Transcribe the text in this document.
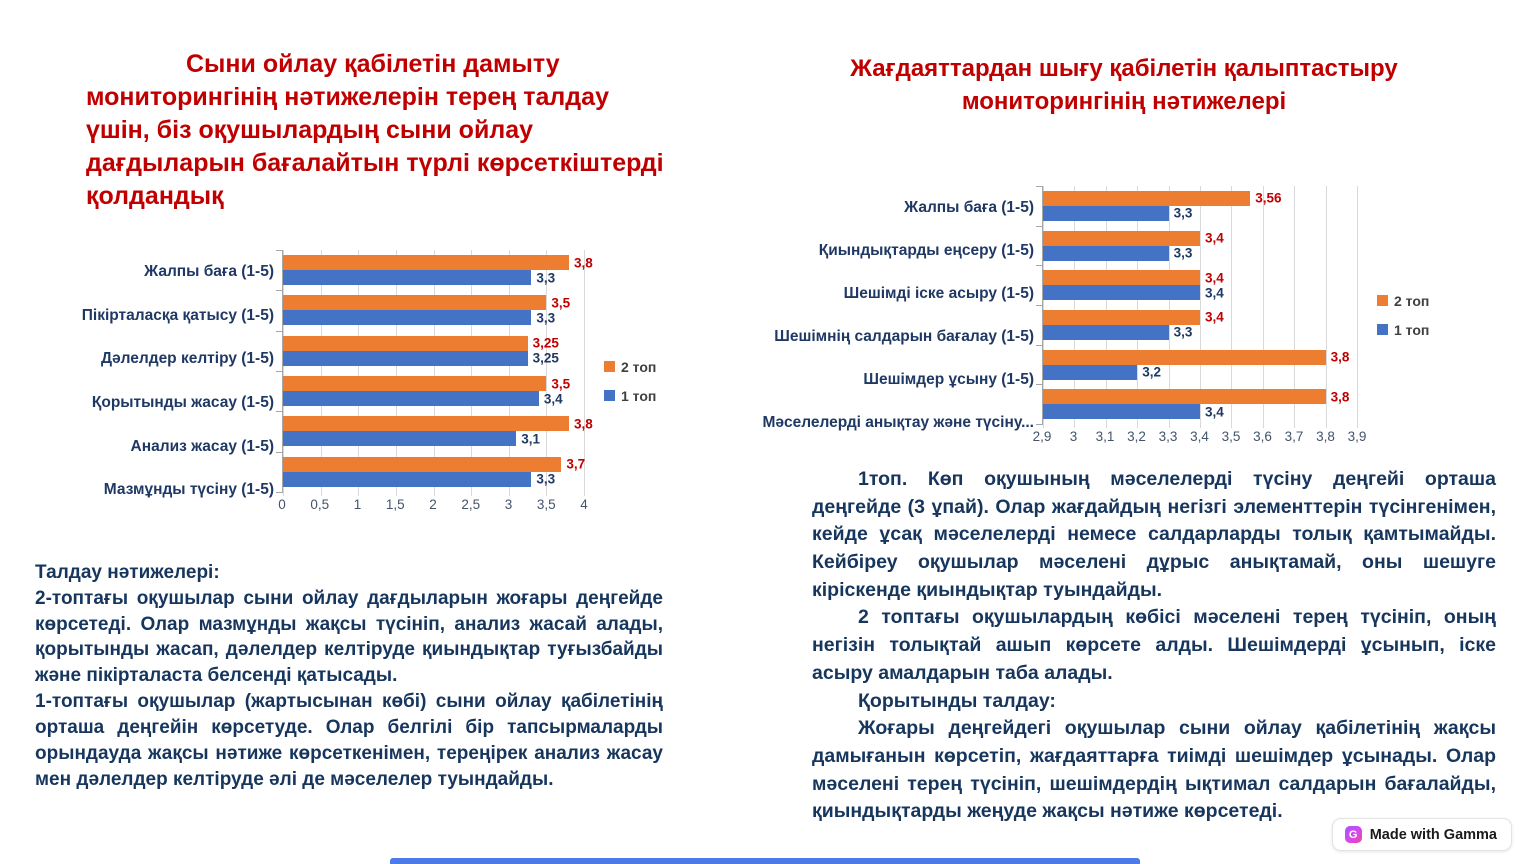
Сыни ойлау қабілетін дамыту мониторингінің нәтижелерін терең талдау үшін, біз оқушылардың сыни ойлау дағдыларын бағалайтын түрлі көрсеткіштерді қолдандық
Жағдаяттардан шығу қабілетін қалыптастыру мониторингінің нәтижелері
Жалпы баға (1-5)
Пікірталасқа қатысу (1-5)
Дәлелдер келтіру (1-5)
Қорытынды жасау (1-5)
Анализ жасау (1-5)
Мазмұнды түсіну (1-5)
3,8
3,3
3,5
3,3
3,25
3,25
3,5
3,4
3,8
3,1
3,7
3,3
0 0,5 1 1,5 2 2,5 3 3,5 4
2 топ
1 топ
Жалпы баға (1-5)
Қиындықтарды еңсеру (1-5)
Шешімді іске асыру (1-5)
Шешімнің салдарын бағалау (1-5)
Шешімдер ұсыну (1-5)
Мәселелерді анықтау және түсіну...
3,56
3,3
3,4
3,3
3,4
3,4
3,4
3,3
3,8
3,2
3,8
3,4
2,9 3 3,1 3,2 3,3 3,4 3,5 3,6 3,7 3,8 3,9
2 топ
1 топ

Талдау нәтижелері:

2-топтағы оқушылар сыни ойлау дағдыларын жоғары деңгейде көрсетеді. Олар мазмұнды жақсы түсініп, анализ жасай алады, қорытынды жасап, дәлелдер келтіруде қиындықтар туғызбайды және пікірталаста белсенді қатысады.

1-топтағы оқушылар (жартысынан көбі) сыни ойлау қабілетінің орташа деңгейін көрсетуде. Олар белгілі бір тапсырмаларды орындауда жақсы нәтиже көрсеткенімен, тереңірек анализ жасау мен дәлелдер келтіруде әлі де мәселелер туындайды.

1топ. Көп оқушының мәселелерді түсіну деңгейі орташа деңгейде (3 ұпай). Олар жағдайдың негізгі элементтерін түсінгенімен, кейде ұсақ мәселелерді немесе салдарларды толық қамтымайды. Кейбіреу оқушылар мәселені дұрыс анықтамай, оны шешуге кіріскенде қиындықтар туындайды.

2 топтағы оқушылардың көбісі мәселені терең түсініп, оның негізін толықтай ашып көрсете алды. Шешімдерді ұсынып, іске асыру амалдарын таба алады.

Қорытынды талдау:

Жоғары деңгейдегі оқушылар сыни ойлау қабілетінің жақсы дамығанын көрсетіп, жағдаяттарға тиімді шешімдер ұсынады. Олар мәселені терең түсініп, шешімдердің ықтимал салдарын бағалайды, қиындықтарды жеңуде жақсы нәтиже көрсетеді.

G Made with Gamma
